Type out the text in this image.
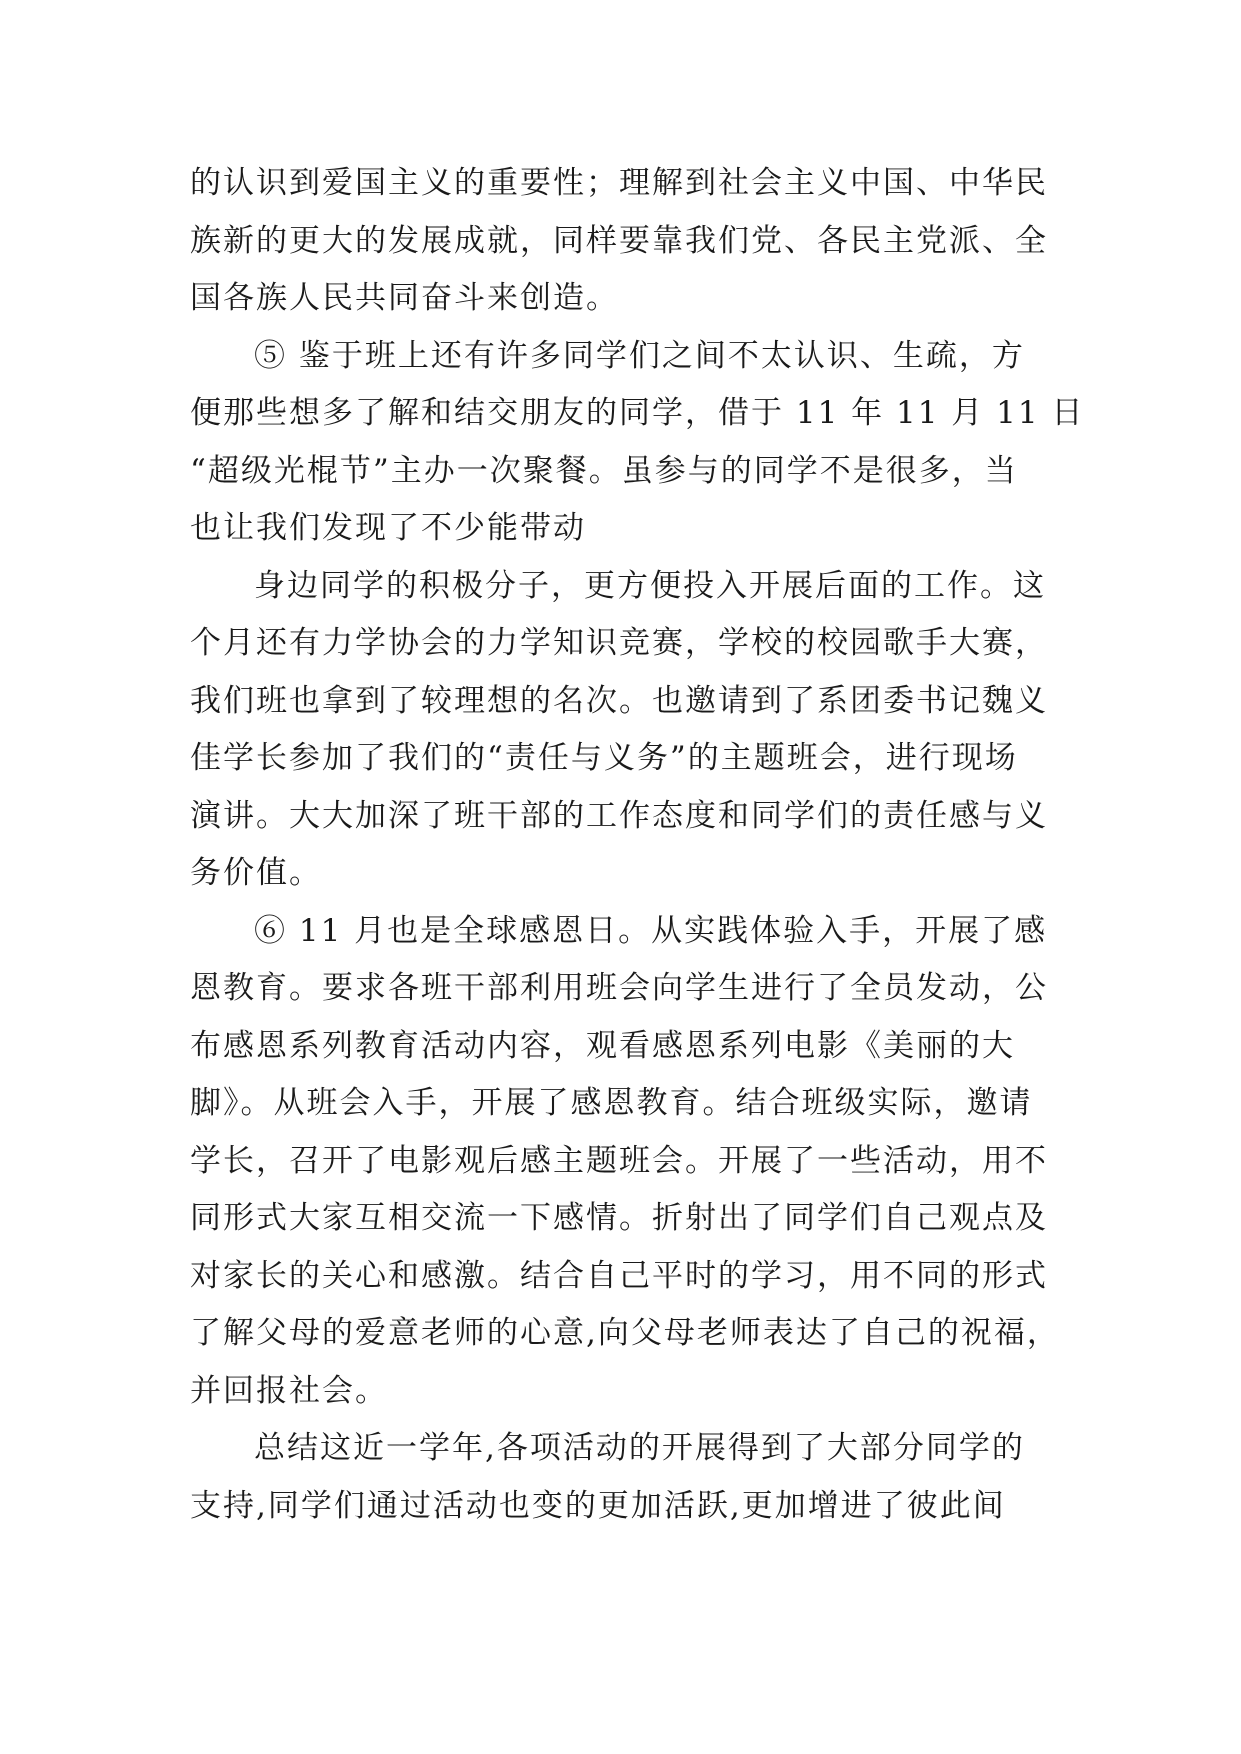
的认识到爱国主义的重要性；理解到社会主义中国、中华民
族新的更大的发展成就，同样要靠我们党、各民主党派、全
国各族人民共同奋斗来创造。
⑤ 鉴于班上还有许多同学们之间不太认识、生疏，方
便那些想多了解和结交朋友的同学，借于 11 年 11 月 11 日
“超级光棍节”主办一次聚餐。虽参与的同学不是很多，当
也让我们发现了不少能带动
身边同学的积极分子，更方便投入开展后面的工作。这
个月还有力学协会的力学知识竞赛，学校的校园歌手大赛，
我们班也拿到了较理想的名次。也邀请到了系团委书记魏义
佳学长参加了我们的“责任与义务”的主题班会，进行现场
演讲。大大加深了班干部的工作态度和同学们的责任感与义
务价值。
⑥ 11 月也是全球感恩日。从实践体验入手，开展了感
恩教育。要求各班干部利用班会向学生进行了全员发动，公
布感恩系列教育活动内容，观看感恩系列电影《美丽的大
脚》。从班会入手，开展了感恩教育。结合班级实际，邀请
学长，召开了电影观后感主题班会。开展了一些活动，用不
同形式大家互相交流一下感情。折射出了同学们自己观点及
对家长的关心和感激。结合自己平时的学习，用不同的形式
了解父母的爱意老师的心意,向父母老师表达了自己的祝福，
并回报社会。
总结这近一学年,各项活动的开展得到了大部分同学的
支持,同学们通过活动也变的更加活跃,更加增进了彼此间
